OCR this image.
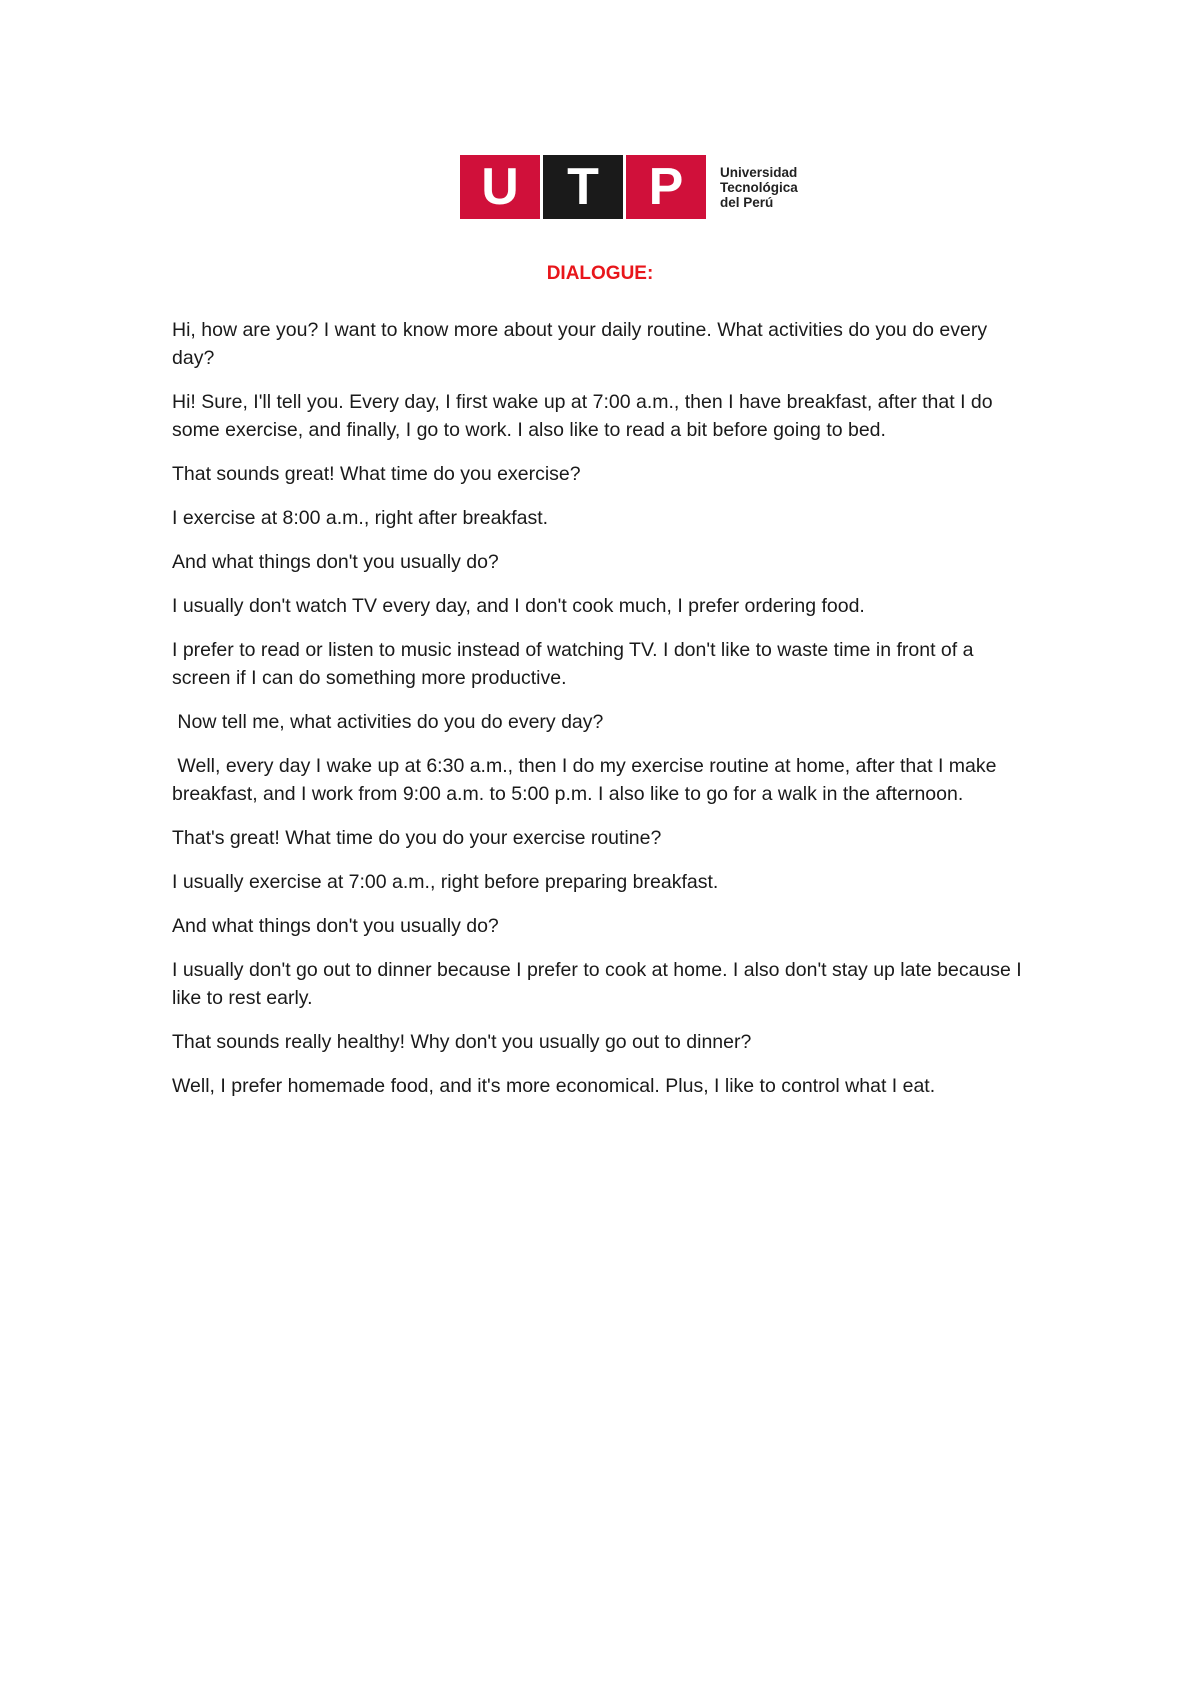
U T P	Universidad
Tecnológica
del Perú
DIALOGUE:

Hi, how are you? I want to know more about your daily routine. What activities do you do every day?

Hi! Sure, I'll tell you. Every day, I first wake up at 7:00 a.m., then I have breakfast, after that I do some exercise, and finally, I go to work. I also like to read a bit before going to bed.

That sounds great! What time do you exercise?

I exercise at 8:00 a.m., right after breakfast.

And what things don't you usually do?

I usually don't watch TV every day, and I don't cook much, I prefer ordering food.

I prefer to read or listen to music instead of watching TV. I don't like to waste time in front of a screen if I can do something more productive.

Now tell me, what activities do you do every day?

Well, every day I wake up at 6:30 a.m., then I do my exercise routine at home, after that I make breakfast, and I work from 9:00 a.m. to 5:00 p.m. I also like to go for a walk in the afternoon.

That's great! What time do you do your exercise routine?

I usually exercise at 7:00 a.m., right before preparing breakfast.

And what things don't you usually do?

I usually don't go out to dinner because I prefer to cook at home. I also don't stay up late because I like to rest early.

That sounds really healthy! Why don't you usually go out to dinner?

Well, I prefer homemade food, and it's more economical. Plus, I like to control what I eat.
